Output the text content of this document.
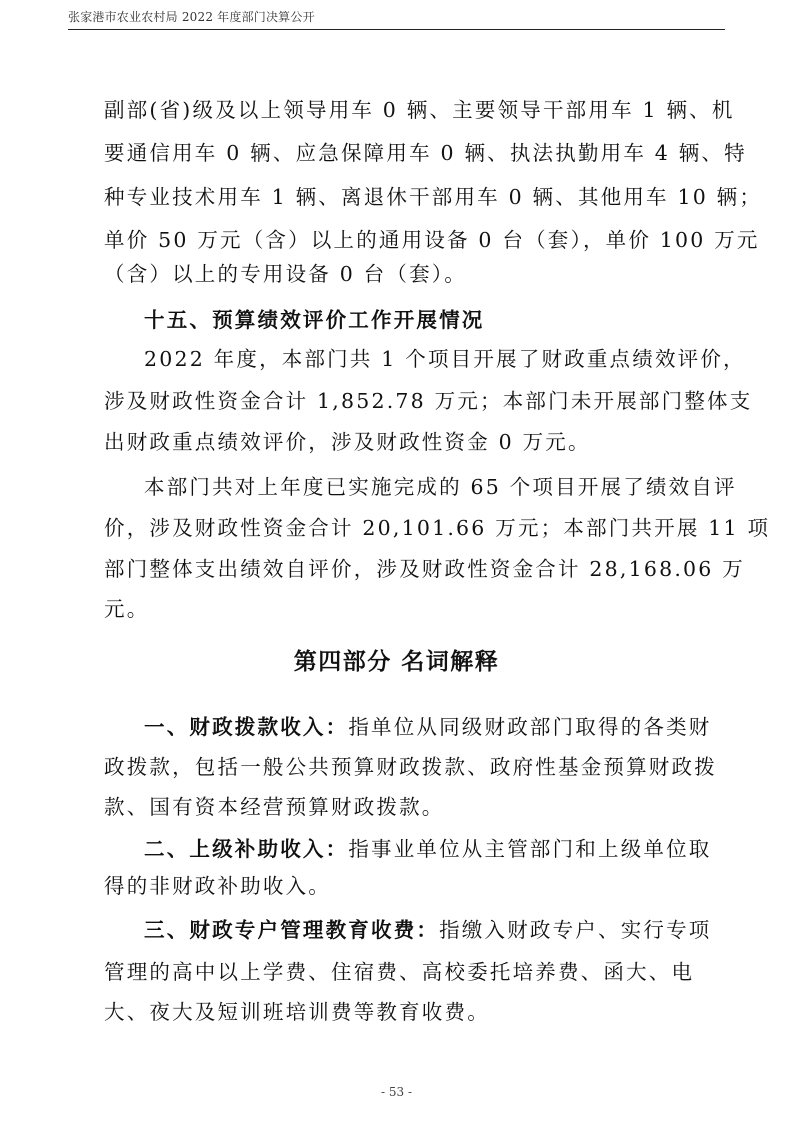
张家港市农业农村局 2022 年度部门决算公开

副部(省)级及以上领导用车 0 辆、主要领导干部用车 1 辆、机

要通信用车 0 辆、应急保障用车 0 辆、执法执勤用车 4 辆、特

种专业技术用车 1 辆、离退休干部用车 0 辆、其他用车 10 辆；

单价 50 万元（含）以上的通用设备 0 台（套），单价 100 万元

（含）以上的专用设备 0 台（套）。

十五、预算绩效评价工作开展情况

2022 年度，本部门共 1 个项目开展了财政重点绩效评价，

涉及财政性资金合计 1,852.78 万元；本部门未开展部门整体支

出财政重点绩效评价，涉及财政性资金 0 万元。

本部门共对上年度已实施完成的 65 个项目开展了绩效自评

价，涉及财政性资金合计 20,101.66 万元；本部门共开展 11 项

部门整体支出绩效自评价，涉及财政性资金合计 28,168.06 万

元。

第四部分 名词解释

一、财政拨款收入：指单位从同级财政部门取得的各类财

政拨款，包括一般公共预算财政拨款、政府性基金预算财政拨

款、国有资本经营预算财政拨款。

二、上级补助收入：指事业单位从主管部门和上级单位取

得的非财政补助收入。

三、财政专户管理教育收费：指缴入财政专户、实行专项

管理的高中以上学费、住宿费、高校委托培养费、函大、电

大、夜大及短训班培训费等教育收费。

- 53 -
